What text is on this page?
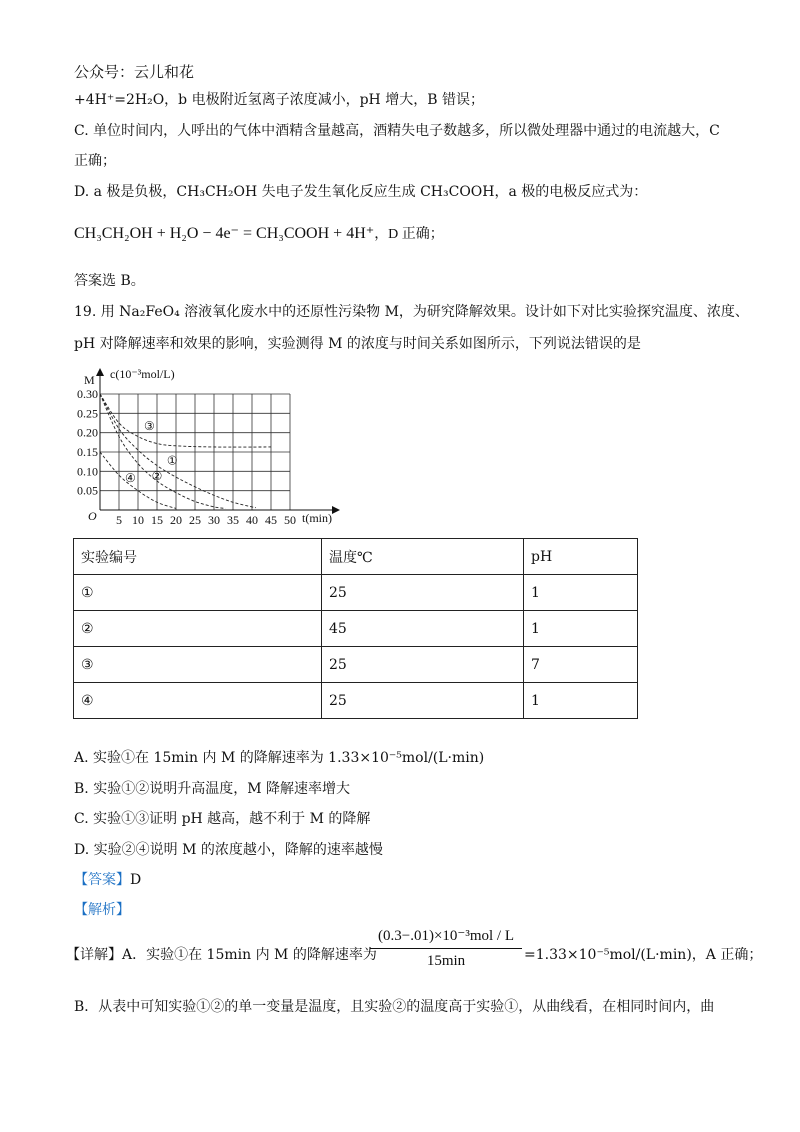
公众号：云儿和花
+4H⁺=2H₂O，b 电极附近氢离子浓度减小，pH 增大，B 错误；
C. 单位时间内，人呼出的气体中酒精含量越高，酒精失电子数越多，所以微处理器中通过的电流越大，C
正确；
D. a 极是负极，CH₃CH₂OH 失电子发生氧化反应生成 CH₃COOH，a 极的电极反应式为：
CH₃CH₂OH + H₂O − 4e⁻ = CH₃COOH + 4H⁺，D 正确；
答案选 B。
19. 用 Na₂FeO₄ 溶液氧化废水中的还原性污染物 M，为研究降解效果。设计如下对比实验探究温度、浓度、
pH 对降解速率和效果的影响，实验测得 M 的浓度与时间关系如图所示，下列说法错误的是
5 10 15 20 25 30 35 40 45 50
0.30
0.25
0.20
0.15
0.10
0.05
③
①
②
④
M c(10⁻³mol/L)
t(min)
O
实验编号	温度℃	pH
①	25	1
②	45	1
③	25	7
④	25	1
A. 实验①在 15min 内 M 的降解速率为 1.33×10⁻⁵mol/(L·min)
B. 实验①②说明升高温度，M 降解速率增大
C. 实验①③证明 pH 越高，越不利于 M 的降解
D. 实验②④说明 M 的浓度越小，降解的速率越慢
【答案】D
【解析】
【详解】A．实验①在 15min 内 M 的降解速率为
(0.3−.01)×10⁻³mol / L
15min	=1.33×10⁻⁵mol/(L·min)，A 正确；
B．从表中可知实验①②的单一变量是温度，且实验②的温度高于实验①，从曲线看，在相同时间内，曲
